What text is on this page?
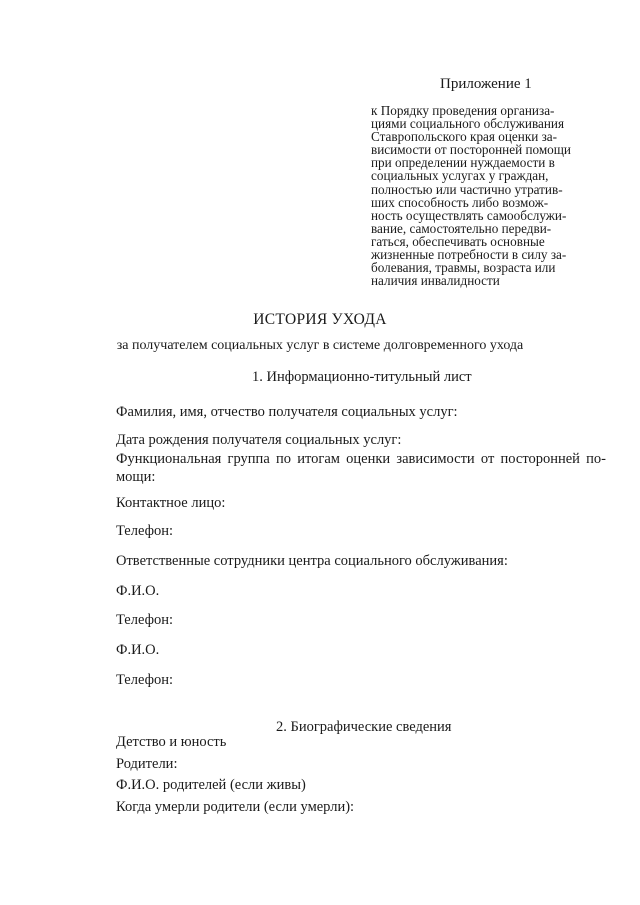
Приложение 1
к Порядку проведения организа-
циями социального обслуживания
Ставропольского края оценки за-
висимости от посторонней помощи
при определении нуждаемости в
социальных услугах у граждан,
полностью или частично утратив-
ших способность либо возмож-
ность осуществлять самообслужи-
вание, самостоятельно передви-
гаться, обеспечивать основные
жизненные потребности в силу за-
болевания, травмы, возраста или
наличия инвалидности
ИСТОРИЯ УХОДА
за получателем социальных услуг в системе долговременного ухода
1. Информационно-титульный лист
Фамилия, имя, отчество получателя социальных услуг:
Дата рождения получателя социальных услуг:
Функциональная группа по итогам оценки зависимости от посторонней по-мощи:
Контактное лицо:
Телефон:
Ответственные сотрудники центра социального обслуживания:
Ф.И.О.
Телефон:
Ф.И.О.
Телефон:
2. Биографические сведения
Детство и юность
Родители:
Ф.И.О. родителей (если живы)
Когда умерли родители (если умерли):
